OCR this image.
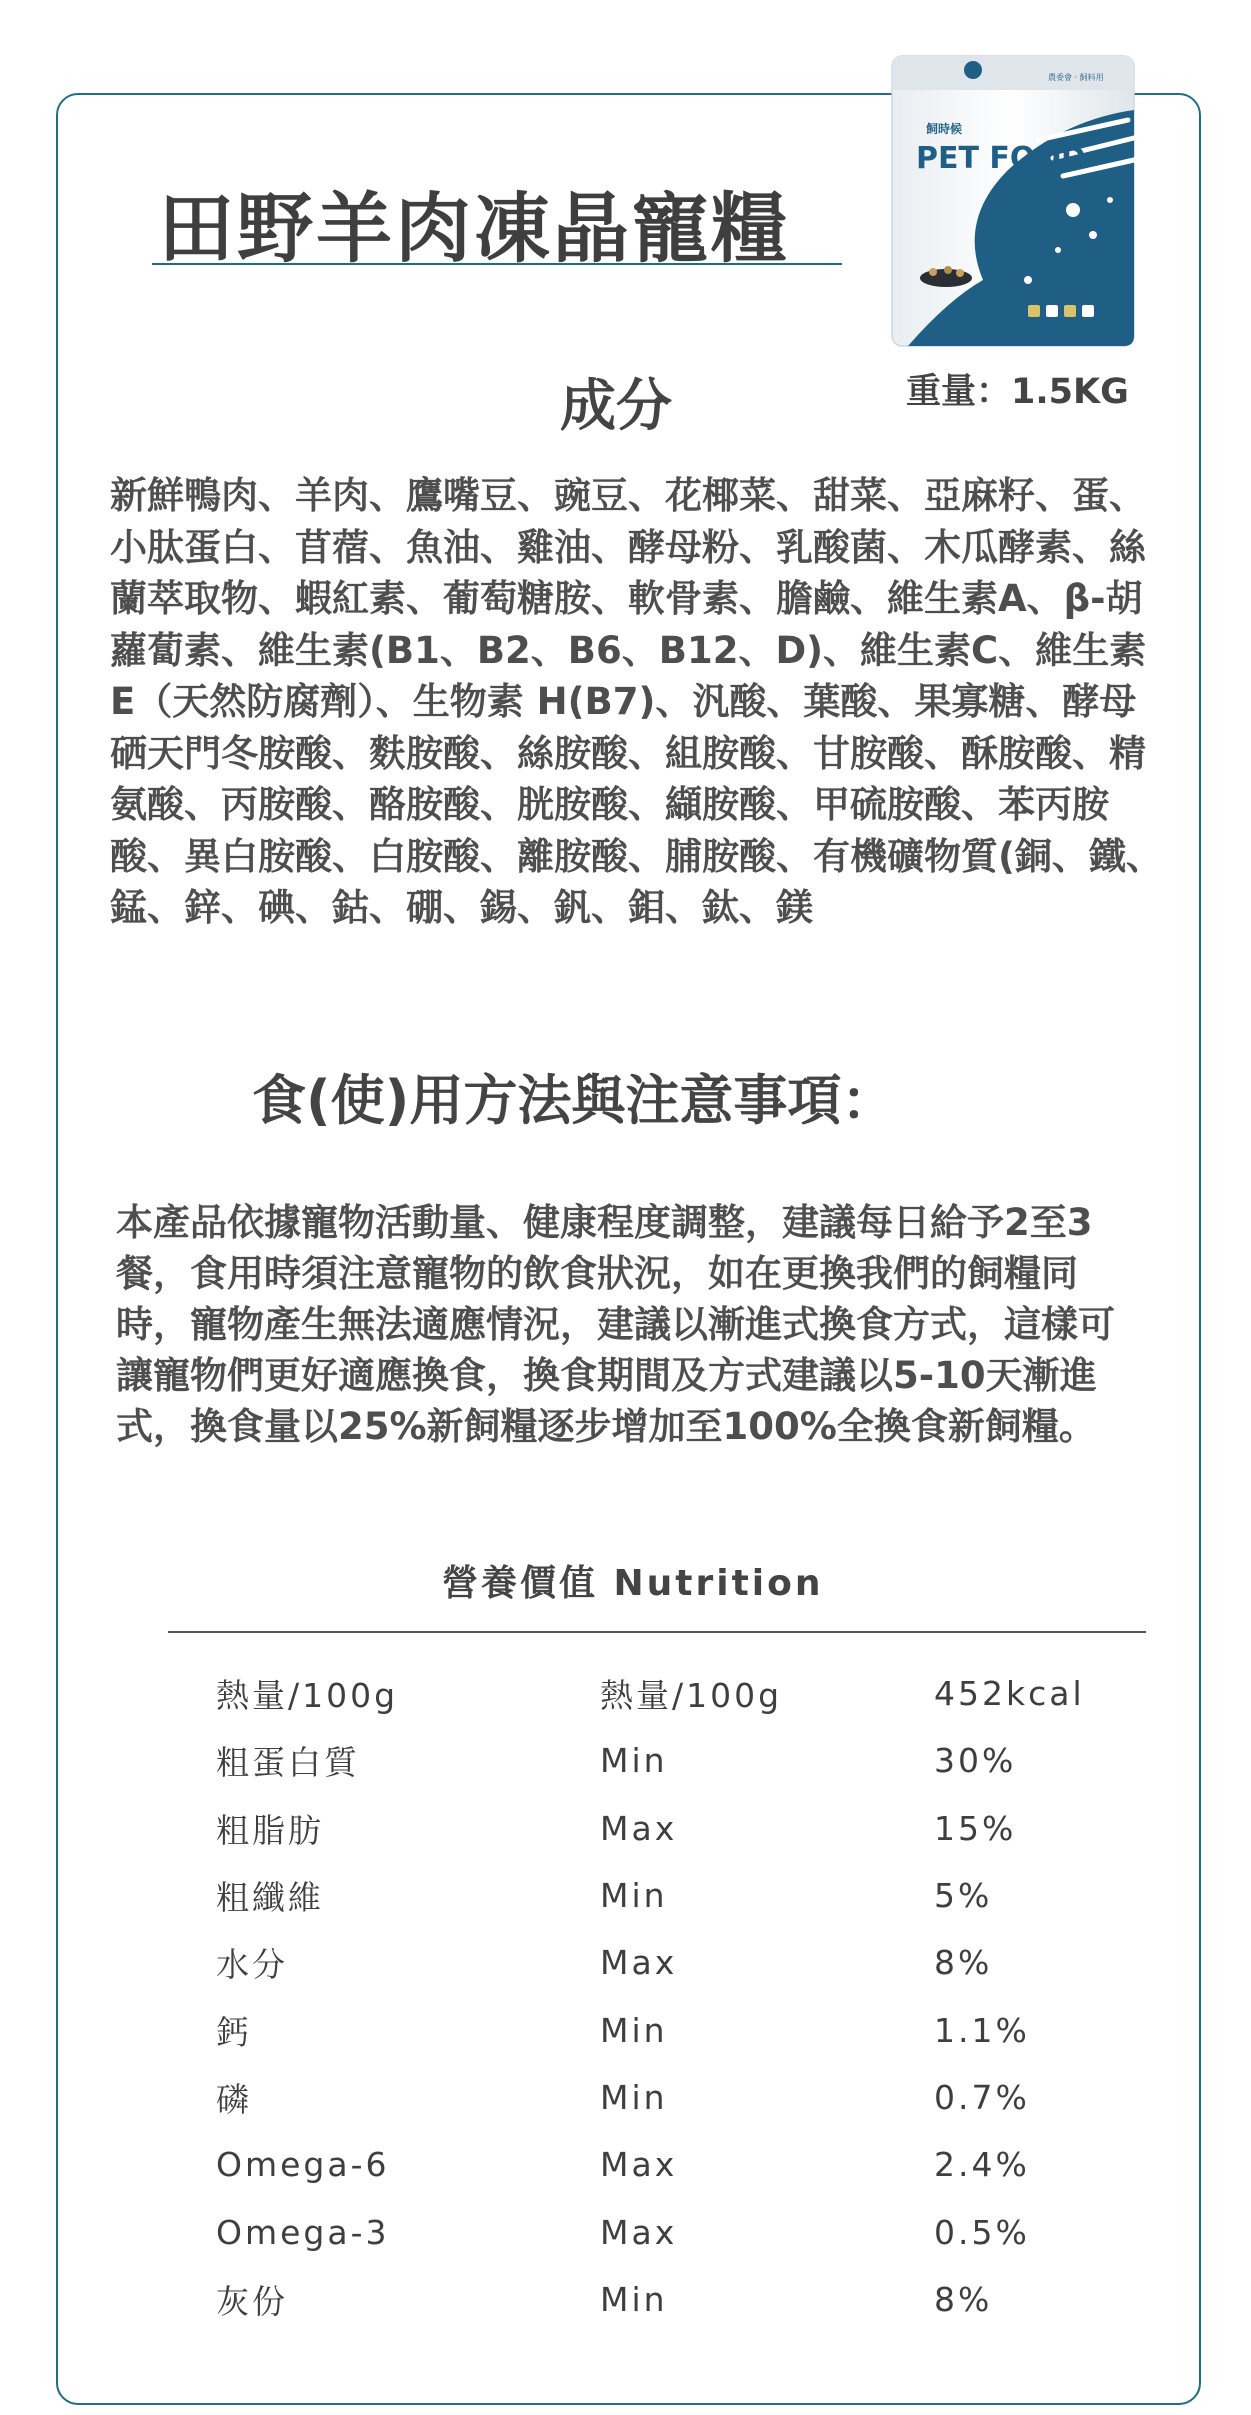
田野羊肉凍晶寵糧
飼時候
PET FOOD
農委會 · 飼料用
重量：1.5KG
成分

新鮮鴨肉、羊肉、鷹嘴豆、豌豆、花椰菜、甜菜、亞麻籽、蛋、小肽蛋白、苜蓿、魚油、雞油、酵母粉、乳酸菌、木瓜酵素、絲蘭萃取物、蝦紅素、葡萄糖胺、軟骨素、膽鹼、維生素A、β-胡蘿蔔素、維生素(B1、B2、B6、B12、D)、維生素C、維生素E（天然防腐劑）、生物素 H(B7)、汎酸、葉酸、果寡糖、酵母硒天門冬胺酸、麩胺酸、絲胺酸、組胺酸、甘胺酸、酥胺酸、精氨酸、丙胺酸、酪胺酸、胱胺酸、纈胺酸、甲硫胺酸、苯丙胺酸、異白胺酸、白胺酸、離胺酸、脯胺酸、有機礦物質(銅、鐵、錳、鋅、碘、鈷、硼、錫、釩、鉬、鈦、鎂

食(使)用方法與注意事項：

本產品依據寵物活動量、健康程度調整，建議每日給予2至3餐，食用時須注意寵物的飲食狀況，如在更換我們的飼糧同時，寵物產生無法適應情況，建議以漸進式換食方式，這樣可讓寵物們更好適應換食，換食期間及方式建議以5-10天漸進式，換食量以25%新飼糧逐步增加至100%全換食新飼糧。

營養價值 Nutrition
熱量/100g	熱量/100g	452kcal
粗蛋白質	Min	30%
粗脂肪	Max	15%
粗纖維	Min	5%
水分	Max	8%
鈣	Min	1.1%
磷	Min	0.7%
Omega-6	Max	2.4%
Omega-3	Max	0.5%
灰份	Min	8%
